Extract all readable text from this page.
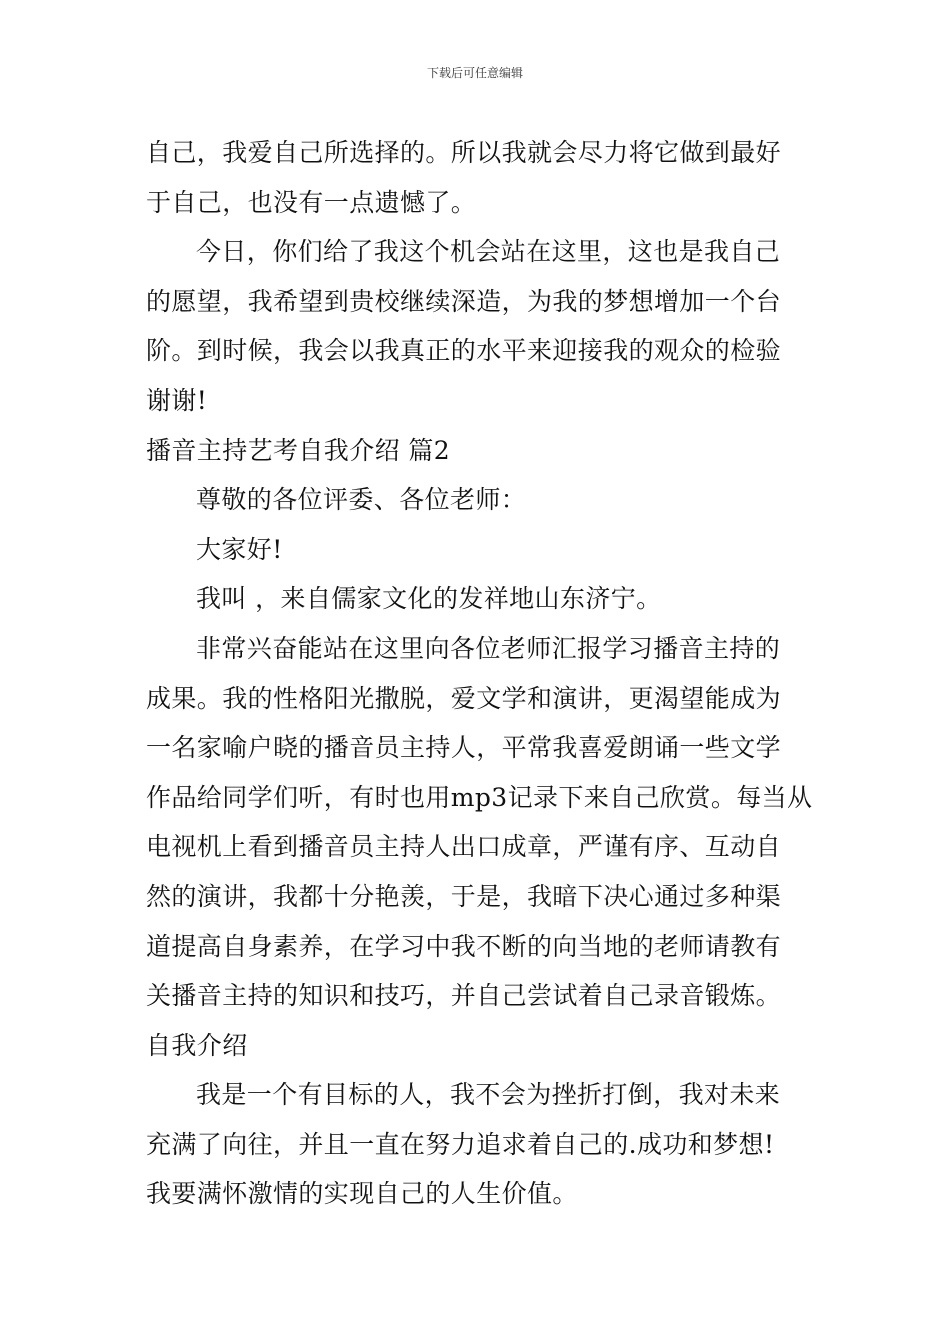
下载后可任意编辑
自己，我爱自己所选择的。所以我就会尽力将它做到最好
于自己，也没有一点遗憾了。
今日，你们给了我这个机会站在这里，这也是我自己
的愿望，我希望到贵校继续深造，为我的梦想增加一个台
阶。到时候，我会以我真正的水平来迎接我的观众的检验
谢谢!
播音主持艺考自我介绍 篇2
尊敬的各位评委、各位老师：
大家好!
我叫 ，来自儒家文化的发祥地山东济宁。
非常兴奋能站在这里向各位老师汇报学习播音主持的
成果。我的性格阳光撒脱，爱文学和演讲，更渴望能成为
一名家喻户晓的播音员主持人，平常我喜爱朗诵一些文学
作品给同学们听，有时也用mp3记录下来自己欣赏。每当从
电视机上看到播音员主持人出口成章，严谨有序、互动自
然的演讲，我都十分艳羡，于是，我暗下决心通过多种渠
道提高自身素养，在学习中我不断的向当地的老师请教有
关播音主持的知识和技巧，并自己尝试着自己录音锻炼。
自我介绍
我是一个有目标的人，我不会为挫折打倒，我对未来
充满了向往，并且一直在努力追求着自己的.成功和梦想!
我要满怀激情的实现自己的人生价值。
